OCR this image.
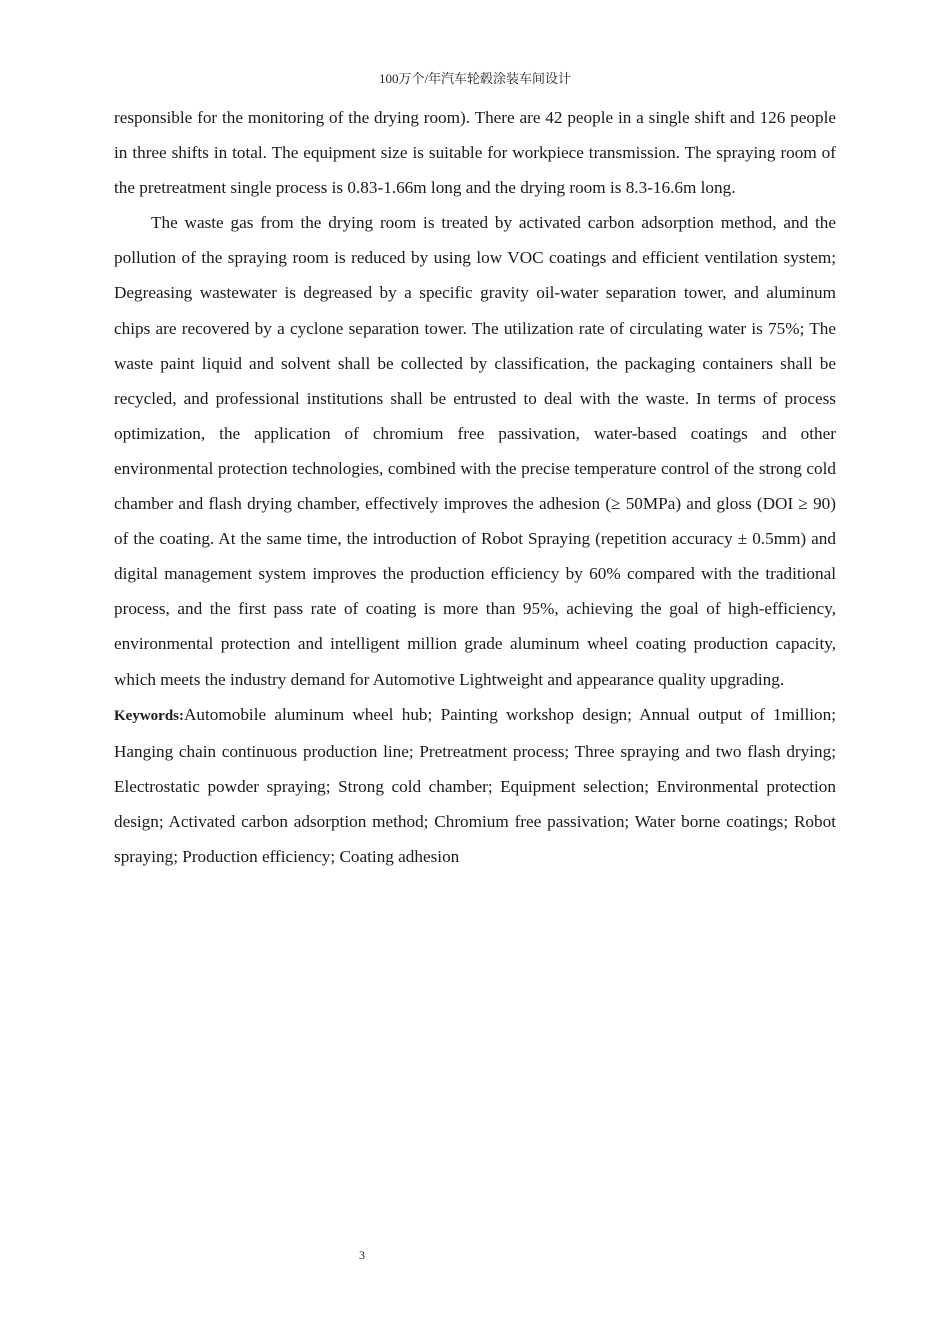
100万个/年汽车轮毂涂装车间设计

responsible for the monitoring of the drying room). There are 42 people in a single shift and 126 people in three shifts in total. The equipment size is suitable for workpiece transmission. The spraying room of the pretreatment single process is 0.83-1.66m long and the drying room is 8.3-16.6m long.

The waste gas from the drying room is treated by activated carbon adsorption method, and the pollution of the spraying room is reduced by using low VOC coatings and efficient ventilation system; Degreasing wastewater is degreased by a specific gravity oil-water separation tower, and aluminum chips are recovered by a cyclone separation tower. The utilization rate of circulating water is 75%; The waste paint liquid and solvent shall be collected by classification, the packaging containers shall be recycled, and professional institutions shall be entrusted to deal with the waste. In terms of process optimization, the application of chromium free passivation, water-based coatings and other environmental protection technologies, combined with the precise temperature control of the strong cold chamber and flash drying chamber, effectively improves the adhesion (≥ 50MPa) and gloss (DOI ≥ 90) of the coating. At the same time, the introduction of Robot Spraying (repetition accuracy ± 0.5mm) and digital management system improves the production efficiency by 60% compared with the traditional process, and the first pass rate of coating is more than 95%, achieving the goal of high-efficiency, environmental protection and intelligent million grade aluminum wheel coating production capacity, which meets the industry demand for Automotive Lightweight and appearance quality upgrading.

Keywords:Automobile aluminum wheel hub; Painting workshop design; Annual output of 1million; Hanging chain continuous production line; Pretreatment process; Three spraying and two flash drying; Electrostatic powder spraying; Strong cold chamber; Equipment selection; Environmental protection design; Activated carbon adsorption method; Chromium free passivation; Water borne coatings; Robot spraying; Production efficiency; Coating adhesion

3
